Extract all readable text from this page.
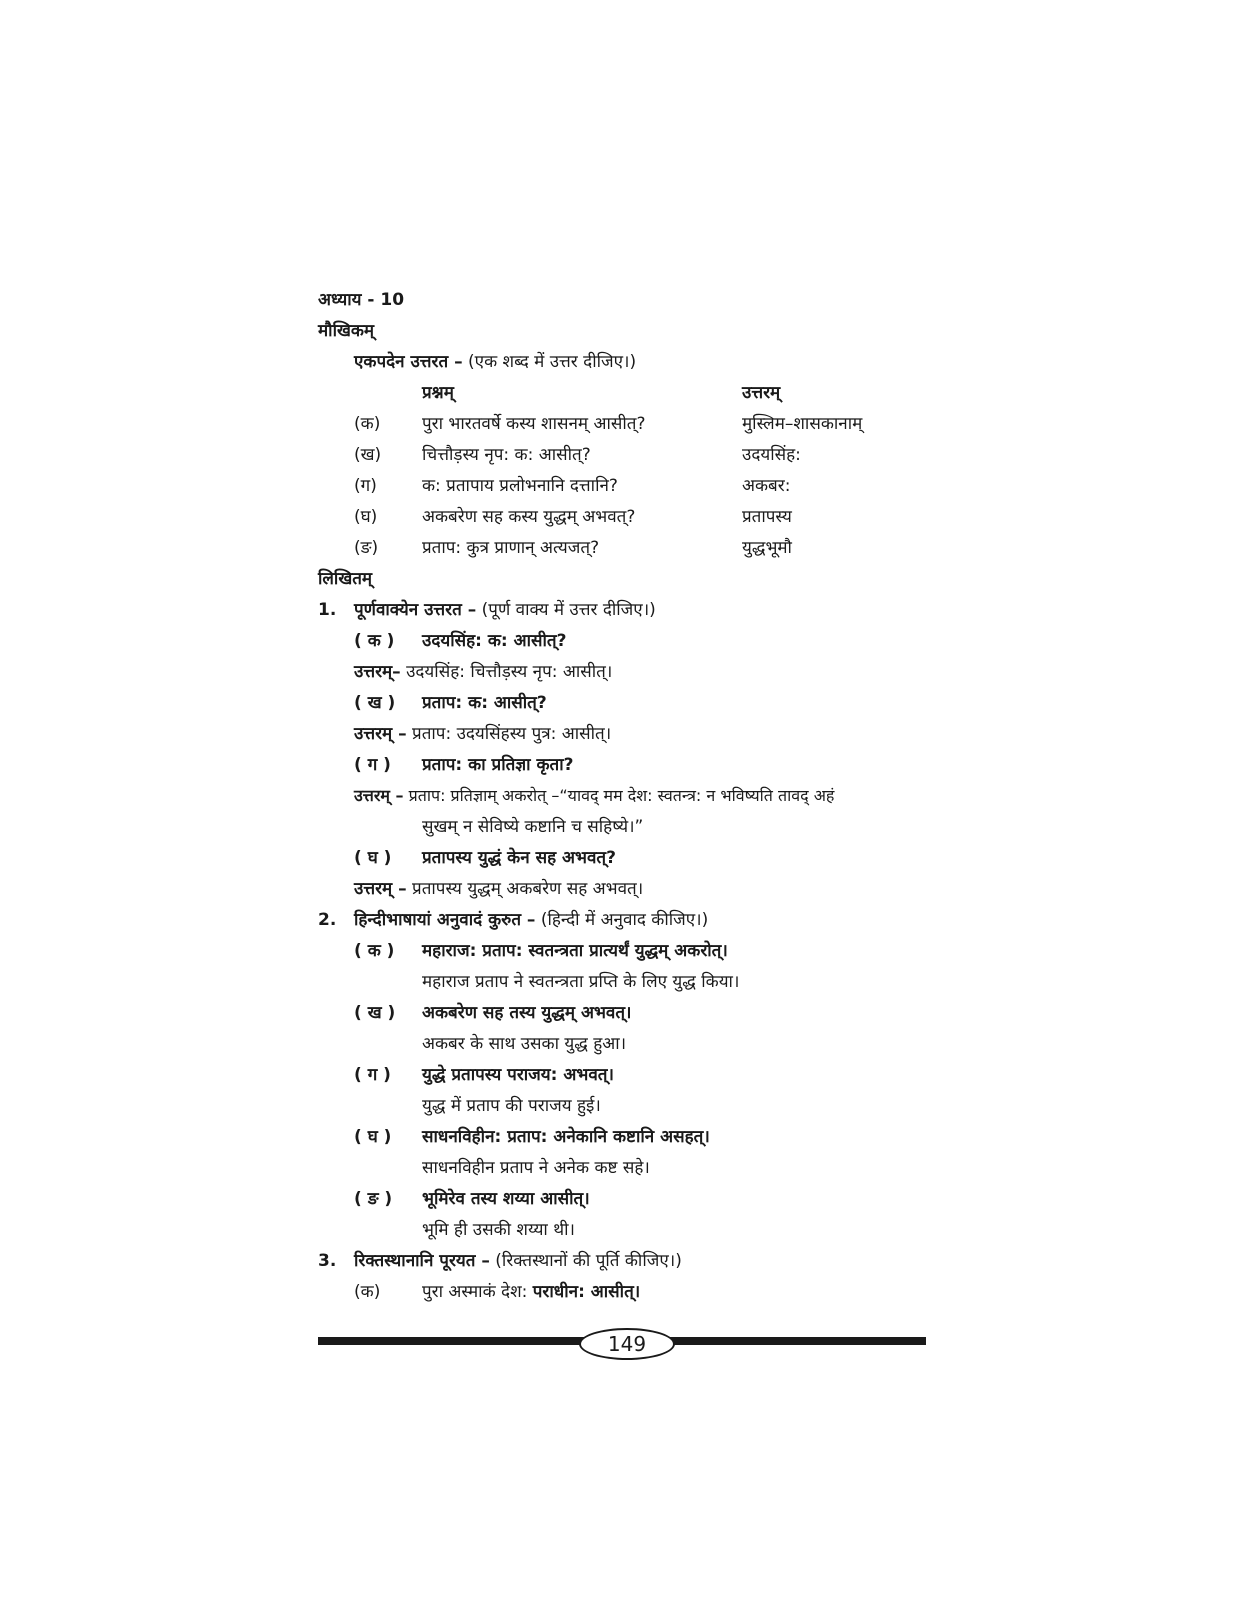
अध्याय - 10
मौखिकम्
एकपदेन उत्तरत – (एक शब्द में उत्तर दीजिए।)
प्रश्नम्	उत्तरम्
(क) पुरा भारतवर्षे कस्य शासनम् आसीत्?	मुस्लिम–शासकानाम्
(ख) चित्तौड़स्य नृप: क: आसीत्?	उदयसिंह:
(ग)	क: प्रतापाय प्रलोभनानि दत्तानि?	अकबर:
(घ)	अकबरेण सह कस्य युद्धम् अभवत्?	प्रतापस्य
(ङ)	प्रताप: कुत्र प्राणान् अत्यजत्?	युद्धभूमौ
लिखितम्
1. पूर्णवाक्येन उत्तरत – (पूर्ण वाक्य में उत्तर दीजिए।)
( क ) उदयसिंह: क: आसीत्?
उत्तरम्– उदयसिंह: चित्तौड़स्य नृप: आसीत्।
( ख ) प्रताप: क: आसीत्?
उत्तरम् – प्रताप: उदयसिंहस्य पुत्र: आसीत्।
( ग ) प्रताप: का प्रतिज्ञा कृता?
उत्तरम् – प्रताप: प्रतिज्ञाम् अकरोत् –“यावद् मम देश: स्वतन्त्र: न भविष्यति तावद् अहं
सुखम् न सेविष्ये कष्टानि च सहिष्ये।”
( घ ) प्रतापस्य युद्धं केन सह अभवत्?
उत्तरम् – प्रतापस्य युद्धम् अकबरेण सह अभवत्।
2. हिन्दीभाषायां अनुवादं कुरुत – (हिन्दी में अनुवाद कीजिए।)
( क ) महाराज: प्रताप: स्वतन्त्रता प्रात्यर्थं युद्धम् अकरोत्।
महाराज प्रताप ने स्वतन्त्रता प्रप्ति के लिए युद्ध किया।
( ख ) अकबरेण सह तस्य युद्धम् अभवत्।
अकबर के साथ उसका युद्ध हुआ।
( ग ) युद्धे प्रतापस्य पराजय: अभवत्।
युद्ध में प्रताप की पराजय हुई।
( घ ) साधनविहीन: प्रताप: अनेकानि कष्टानि असहत्।
साधनविहीन प्रताप ने अनेक कष्ट सहे।
( ङ ) भूमिरेव तस्य शय्या आसीत्।
भूमि ही उसकी शय्या थी।
3. रिक्तस्थानानि पूरयत – (रिक्तस्थानों की पूर्ति कीजिए।)
(क) पुरा अस्माकं देश: पराधीन: आसीत्।
149
